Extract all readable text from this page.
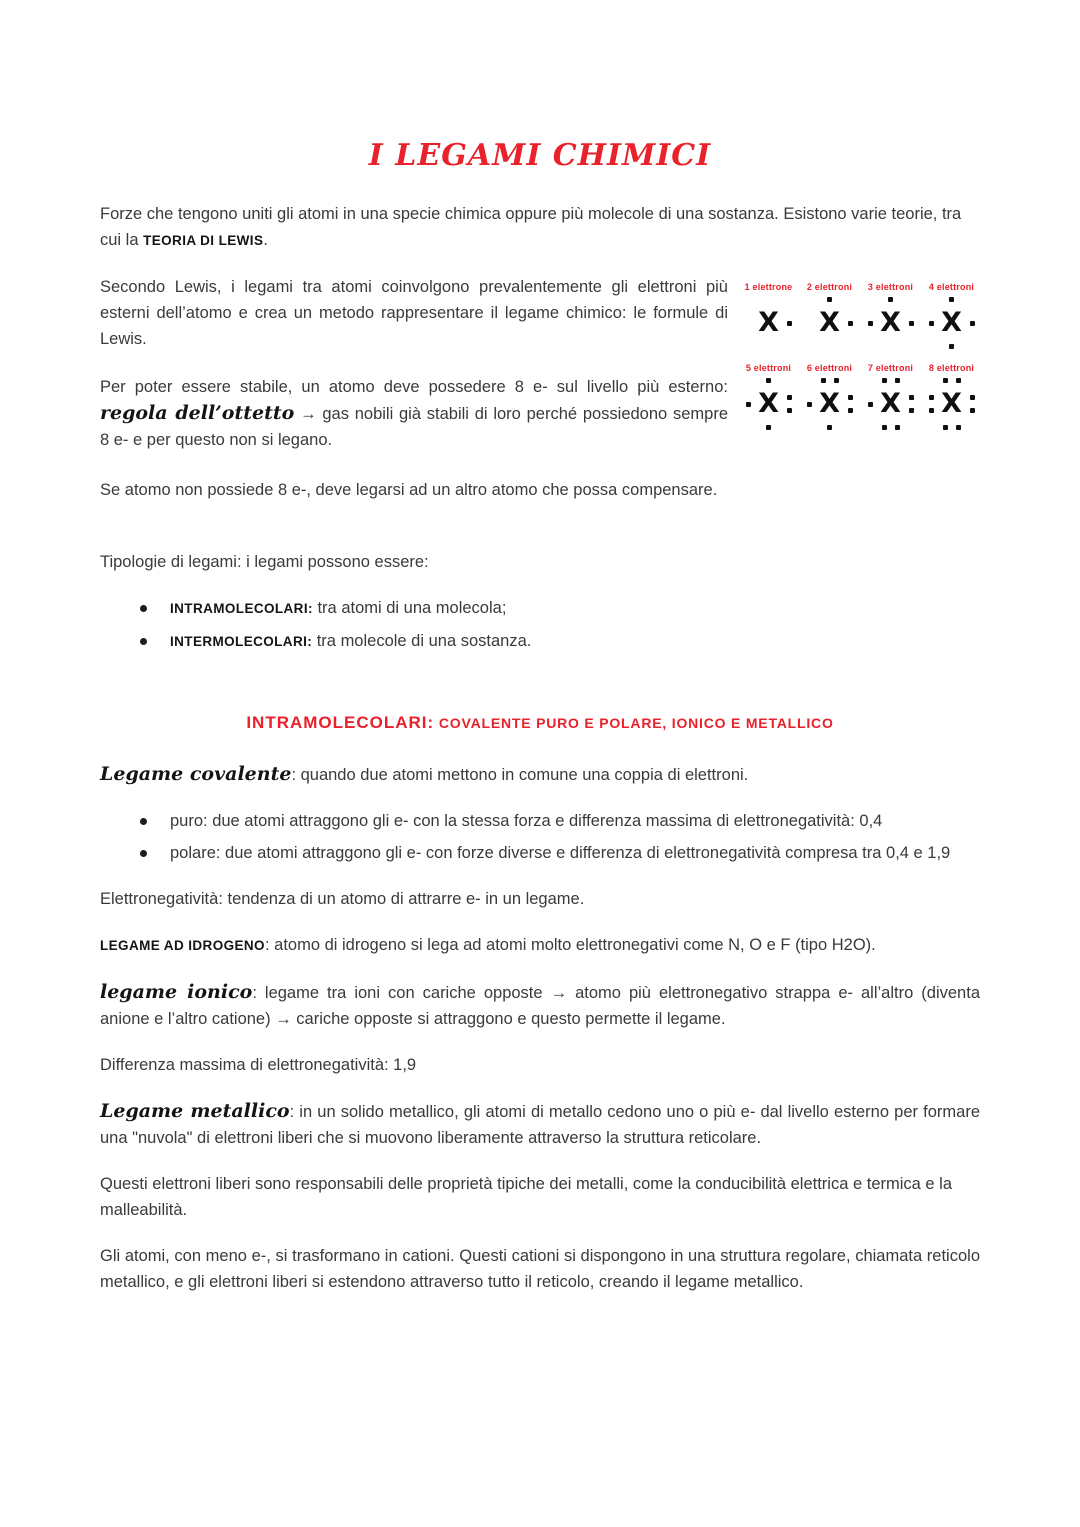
I LEGAMI CHIMICI

Forze che tengono uniti gli atomi in una specie chimica oppure più molecole di una sostanza. Esistono varie teorie, tra cui la TEORIA DI LEWIS.

Secondo Lewis, i legami tra atomi coinvolgono prevalentemente gli elettroni più esterni dell’atomo e crea un metodo rappresentare il legame chimico: le formule di Lewis.

Per poter essere stabile, un atomo deve possedere 8 e- sul livello più esterno: regola dell’ottetto → gas nobili già stabili di loro perché possiedono sempre 8 e- e per questo non si legano.

1 elettrone
X
2 elettroni
X
3 elettroni
X
4 elettroni
X
5 elettroni
X
6 elettroni
X
7 elettroni
X
8 elettroni
X

Se atomo non possiede 8 e-, deve legarsi ad un altro atomo che possa compensare.

Tipologie di legami: i legami possono essere:

INTRAMOLECOLARI: tra atomi di una molecola;
INTERMOLECOLARI: tra molecole di una sostanza.
INTRAMOLECOLARI: COVALENTE PURO E POLARE, IONICO E METALLICO

Legame covalente: quando due atomi mettono in comune una coppia di elettroni.

puro: due atomi attraggono gli e- con la stessa forza e differenza massima di elettronegatività: 0,4
polare: due atomi attraggono gli e- con forze diverse e differenza di elettronegatività compresa tra 0,4 e 1,9

Elettronegatività: tendenza di un atomo di attrarre e- in un legame.

LEGAME AD IDROGENO: atomo di idrogeno si lega ad atomi molto elettronegativi come N, O e F (tipo H2O).

legame ionico: legame tra ioni con cariche opposte → atomo più elettronegativo strappa e- all’altro (diventa anione e l’altro catione) → cariche opposte si attraggono e questo permette il legame.

Differenza massima di elettronegatività: 1,9

Legame metallico: in un solido metallico, gli atomi di metallo cedono uno o più e- dal livello esterno per formare una "nuvola" di elettroni liberi che si muovono liberamente attraverso la struttura reticolare.

Questi elettroni liberi sono responsabili delle proprietà tipiche dei metalli, come la conducibilità elettrica e termica e la malleabilità.

Gli atomi, con meno e-, si trasformano in cationi. Questi cationi si dispongono in una struttura regolare, chiamata reticolo metallico, e gli elettroni liberi si estendono attraverso tutto il reticolo, creando il legame metallico.
